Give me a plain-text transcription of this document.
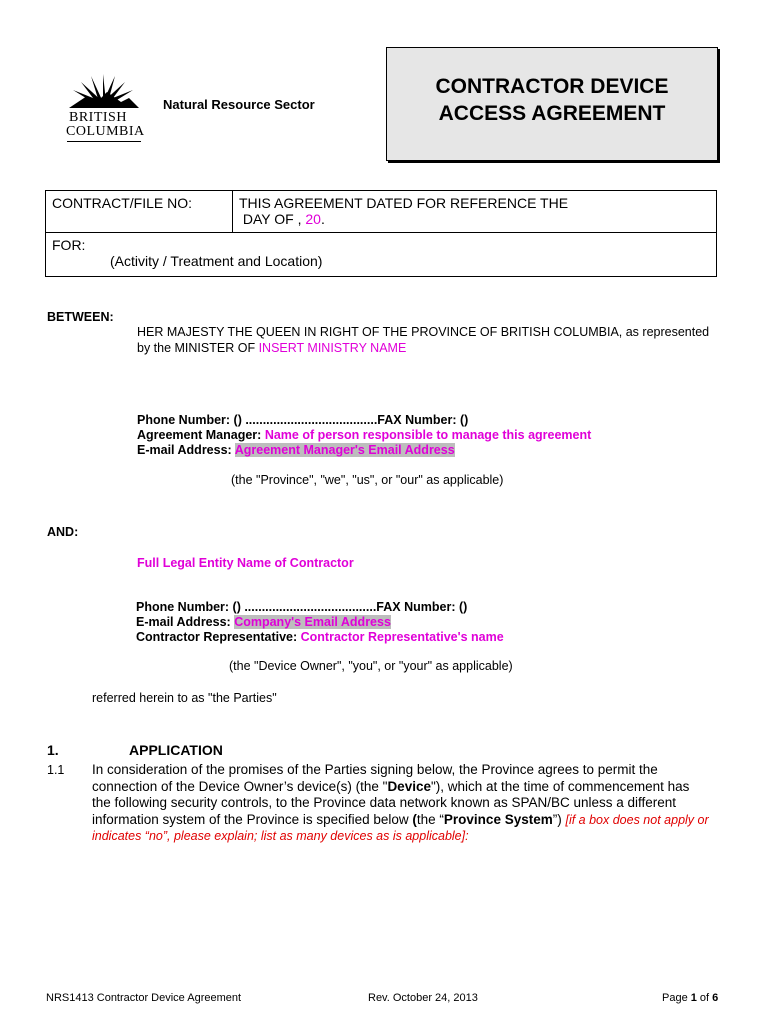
BRITISH
COLUMBIA
Natural Resource Sector
CONTRACTOR DEVICE
ACCESS AGREEMENT
CONTRACT/FILE NO:	THIS AGREEMENT DATED FOR REFERENCE THE
DAY OF , 20.
FOR:
(Activity / Treatment and Location)
BETWEEN:
HER MAJESTY THE QUEEN IN RIGHT OF THE PROVINCE OF BRITISH COLUMBIA, as represented
by the MINISTER OF INSERT MINISTRY NAME
Phone Number: () ......................................FAX Number: ()
Agreement Manager: Name of person responsible to manage this agreement
E-mail Address: Agreement Manager's Email Address
(the "Province", "we", "us", or "our" as applicable)
AND:
Full Legal Entity Name of Contractor
Phone Number: () ......................................FAX Number: ()
E-mail Address: Company's Email Address
Contractor Representative: Contractor Representative's name
(the "Device Owner", "you", or "your" as applicable)
referred herein to as "the Parties"
1.	APPLICATION
1.1 In consideration of the promises of the Parties signing below, the Province agrees to permit the
connection of the Device Owner’s device(s) (the "Device"), which at the time of commencement has
the following security controls, to the Province data network known as SPAN/BC unless a different
information system of the Province is specified below (the “Province System”) [if a box does not apply or
indicates “no”, please explain; list as many devices as is applicable]:
NRS1413 Contractor Device Agreement	Rev. October 24, 2013	Page 1 of 6
